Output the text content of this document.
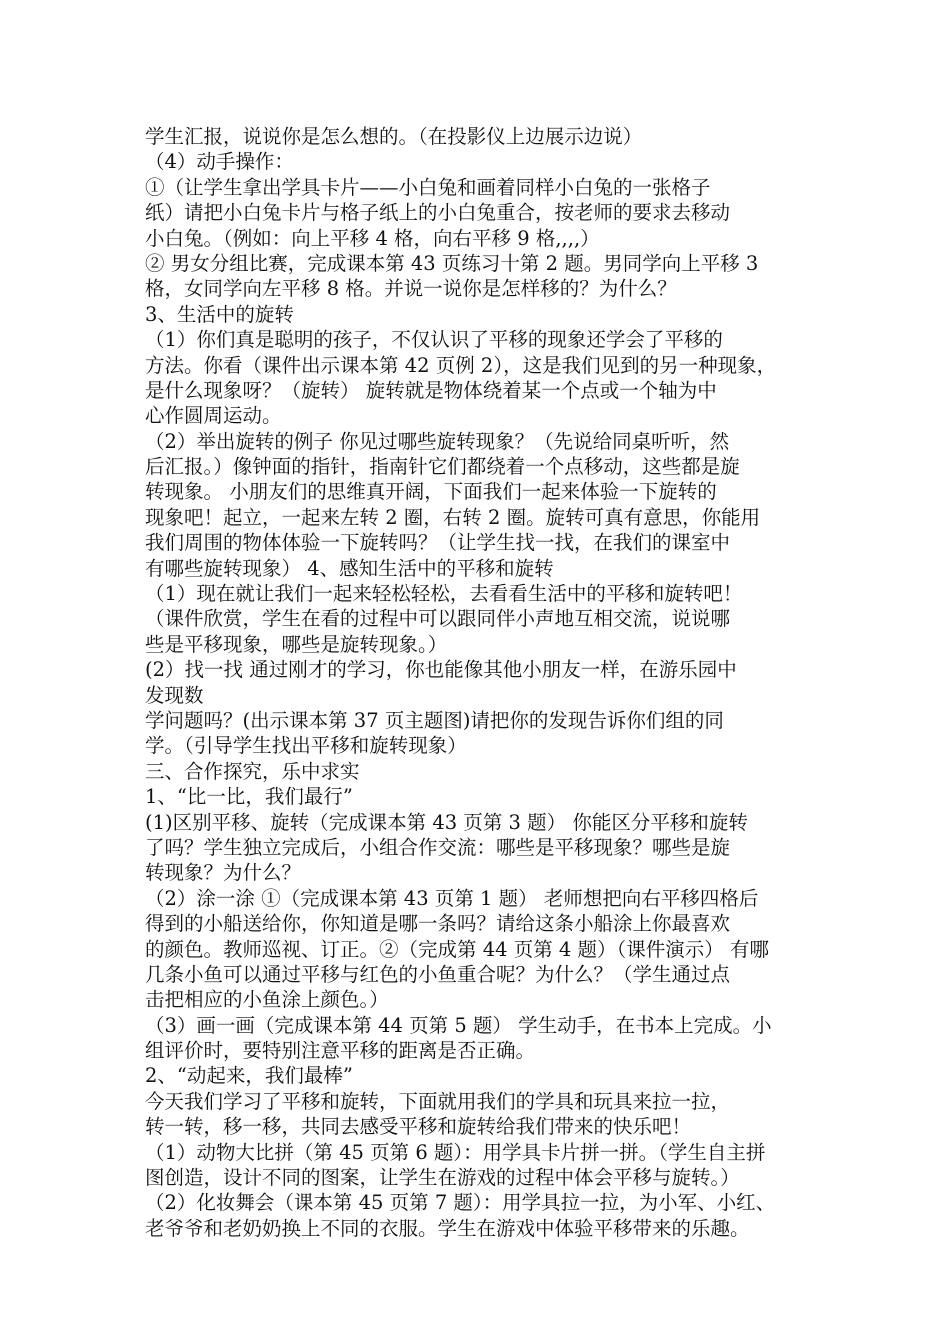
学生汇报，说说你是怎么想的。（在投影仪上边展示边说）
（4）动手操作：
①（让学生拿出学具卡片——小白兔和画着同样小白兔的一张格子
纸）请把小白兔卡片与格子纸上的小白兔重合，按老师的要求去移动
小白兔。（例如：向上平移 4 格，向右平移 9 格,,,,）
② 男女分组比赛，完成课本第 43 页练习十第 2 题。男同学向上平移 3
格，女同学向左平移 8 格。并说一说你是怎样移的？为什么？
3、生活中的旋转
（1）你们真是聪明的孩子，不仅认识了平移的现象还学会了平移的
方法。你看（课件出示课本第 42 页例 2），这是我们见到的另一种现象，
是什么现象呀？（旋转） 旋转就是物体绕着某一个点或一个轴为中
心作圆周运动。
（2）举出旋转的例子 你见过哪些旋转现象？（先说给同桌听听，然
后汇报。）像钟面的指针，指南针它们都绕着一个点移动，这些都是旋
转现象。 小朋友们的思维真开阔，下面我们一起来体验一下旋转的
现象吧！起立，一起来左转 2 圈，右转 2 圈。旋转可真有意思，你能用
我们周围的物体体验一下旋转吗？（让学生找一找，在我们的课室中
有哪些旋转现象） 4、感知生活中的平移和旋转
（1）现在就让我们一起来轻松轻松，去看看生活中的平移和旋转吧！
（课件欣赏，学生在看的过程中可以跟同伴小声地互相交流，说说哪
些是平移现象，哪些是旋转现象。）
(2）找一找 通过刚才的学习，你也能像其他小朋友一样，在游乐园中
发现数
学问题吗？(出示课本第 37 页主题图)请把你的发现告诉你们组的同
学。（引导学生找出平移和旋转现象）
三、合作探究，乐中求实
1、“比一比，我们最行”
(1)区别平移、旋转（完成课本第 43 页第 3 题） 你能区分平移和旋转
了吗？学生独立完成后，小组合作交流：哪些是平移现象？哪些是旋
转现象？为什么？
（2）涂一涂 ①（完成课本第 43 页第 1 题） 老师想把向右平移四格后
得到的小船送给你，你知道是哪一条吗？请给这条小船涂上你最喜欢
的颜色。教师巡视、订正。②（完成第 44 页第 4 题）（课件演示） 有哪
几条小鱼可以通过平移与红色的小鱼重合呢？为什么？（学生通过点
击把相应的小鱼涂上颜色。）
（3）画一画（完成课本第 44 页第 5 题） 学生动手，在书本上完成。小
组评价时，要特别注意平移的距离是否正确。
2、“动起来，我们最棒”
今天我们学习了平移和旋转，下面就用我们的学具和玩具来拉一拉，
转一转，移一移，共同去感受平移和旋转给我们带来的快乐吧！
（1）动物大比拼（第 45 页第 6 题）：用学具卡片拼一拼。（学生自主拼
图创造，设计不同的图案，让学生在游戏的过程中体会平移与旋转。）
（2）化妆舞会（课本第 45 页第 7 题）：用学具拉一拉，为小军、小红、
老爷爷和老奶奶换上不同的衣服。学生在游戏中体验平移带来的乐趣。
